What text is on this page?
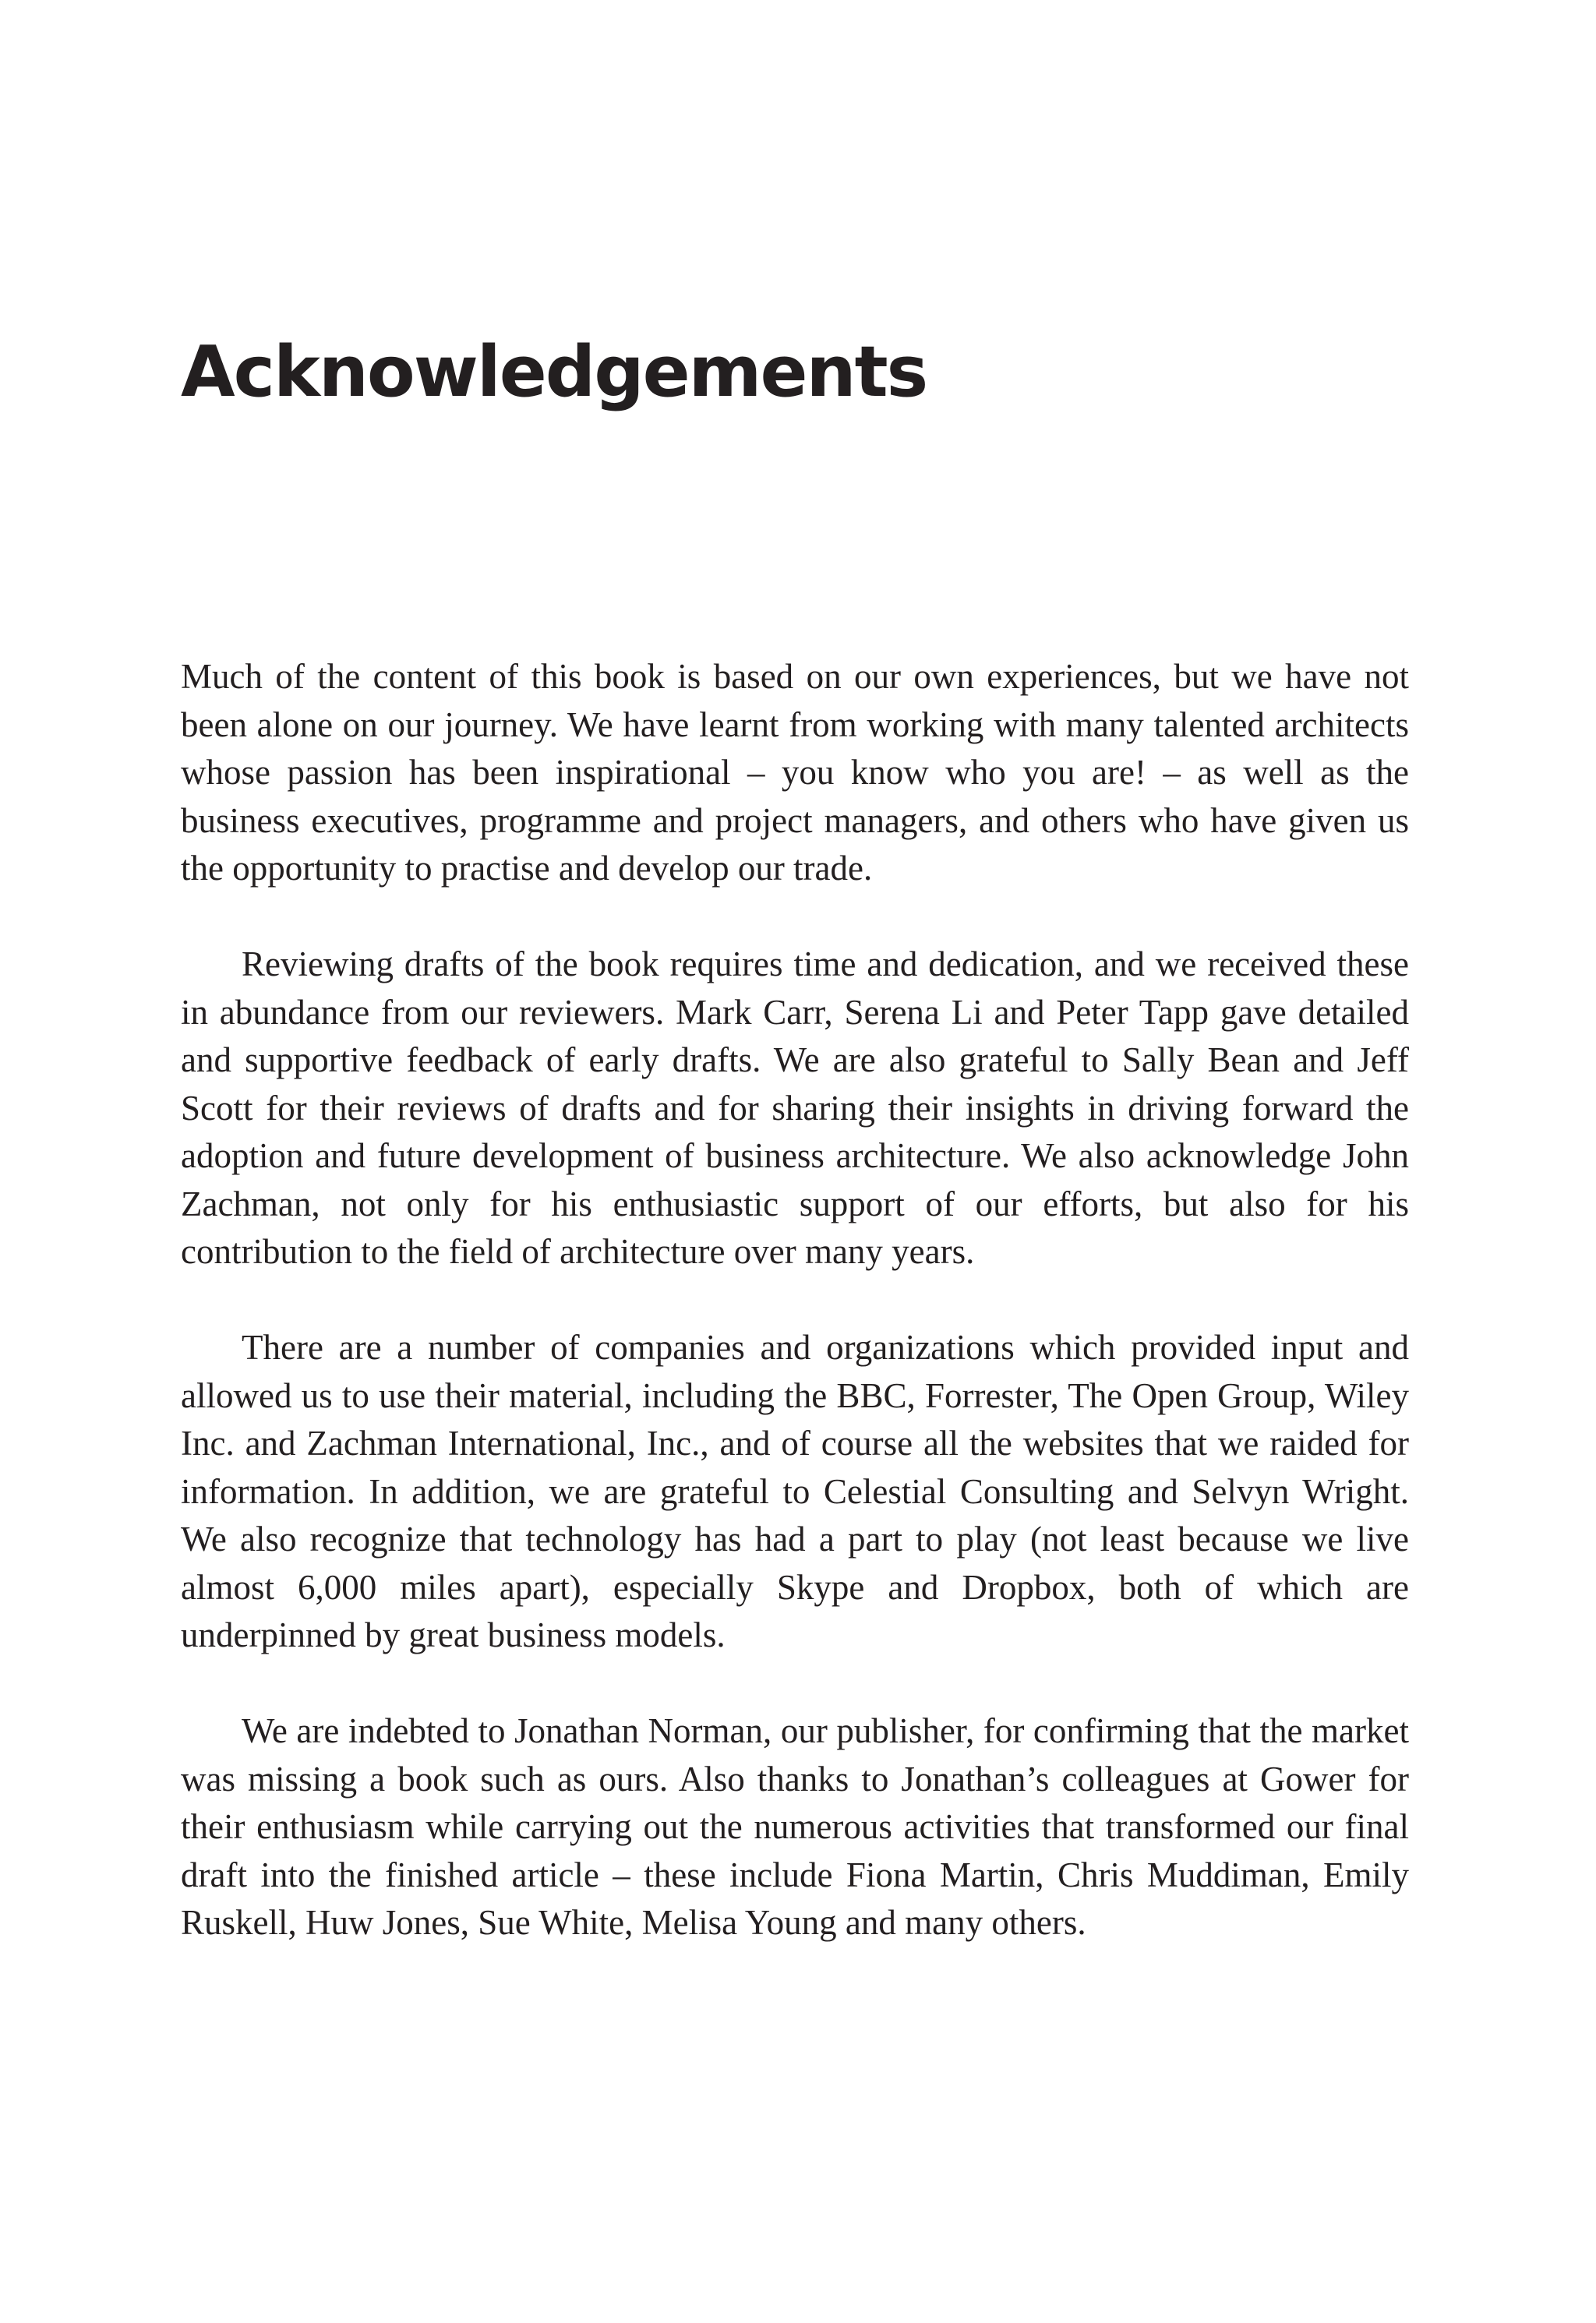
Acknowledgements

Much of the content of this book is based on our own experiences, but we have not been alone on our journey. We have learnt from working with many talented architects whose passion has been inspirational – you know who you are! – as well as the business executives, programme and project managers, and others who have given us the opportunity to practise and develop our trade.

Reviewing drafts of the book requires time and dedication, and we received these in abundance from our reviewers. Mark Carr, Serena Li and Peter Tapp gave detailed and supportive feedback of early drafts. We are also grateful to Sally Bean and Jeff Scott for their reviews of drafts and for sharing their insights in driving forward the adoption and future development of business architecture. We also acknowledge John Zachman, not only for his enthusiastic support of our efforts, but also for his contribution to the field of architecture over many years.

There are a number of companies and organizations which provided input and allowed us to use their material, including the BBC, Forrester, The Open Group, Wiley Inc. and Zachman International, Inc., and of course all the websites that we raided for information. In addition, we are grateful to Celestial Consulting and Selvyn Wright. We also recognize that technology has had a part to play (not least because we live almost 6,000 miles apart), especially Skype and Dropbox, both of which are underpinned by great business models.

We are indebted to Jonathan Norman, our publisher, for confirming that the market was missing a book such as ours. Also thanks to Jonathan’s colleagues at Gower for their enthusiasm while carrying out the numerous activities that transformed our final draft into the finished article – these include Fiona Martin, Chris Muddiman, Emily Ruskell, Huw Jones, Sue White, Melisa Young and many others.
